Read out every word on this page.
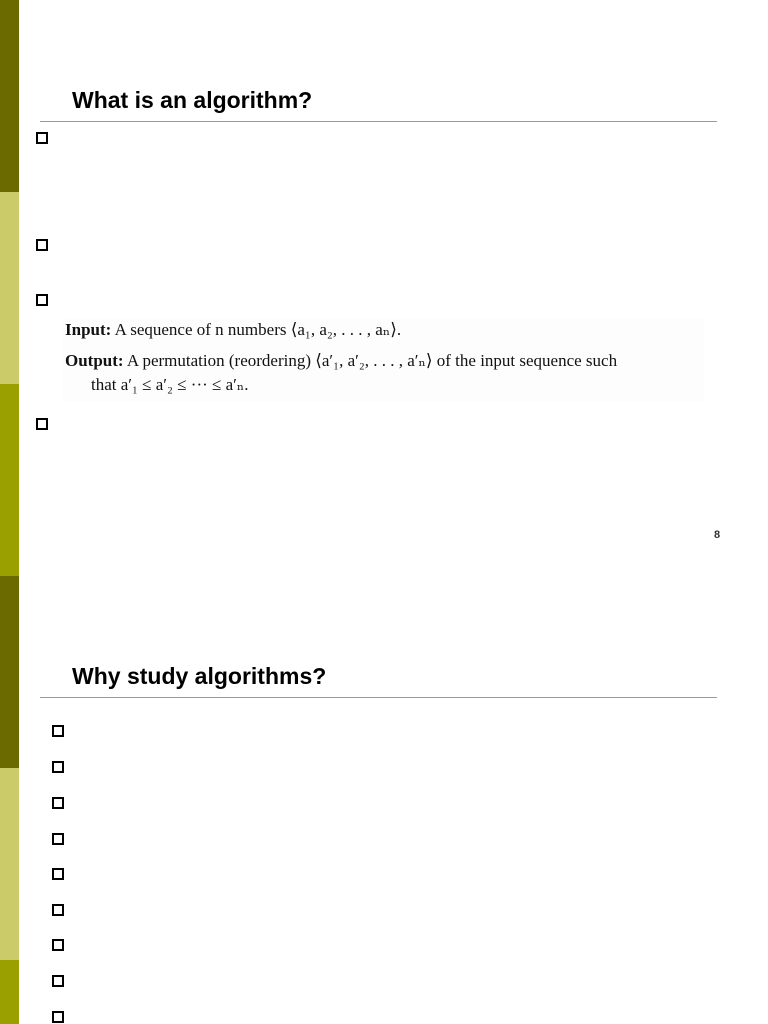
What is an algorithm?
Input: A sequence of n numbers ⟨a₁, a₂, . . . , aₙ⟩.
Output: A permutation (reordering) ⟨a′₁, a′₂, . . . , a′ₙ⟩ of the input sequence such
that a′₁ ≤ a′₂ ≤ ··· ≤ a′ₙ.
8
Why study algorithms?
